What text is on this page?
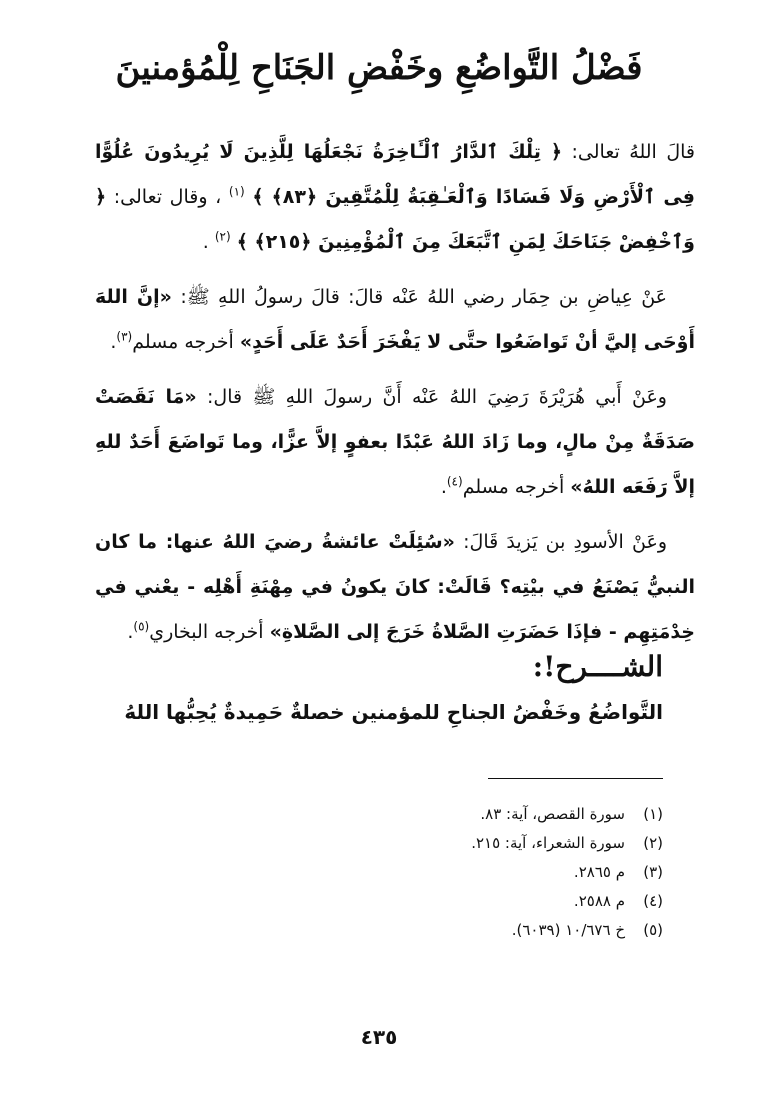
فَضْلُ التَّواضُعِ وخَفْضِ الجَنَاحِ لِلْمُؤمنينَ

قالَ اللهُ تعالى: ﴿ تِلْكَ ٱلدَّارُ ٱلْـَٔاخِرَةُ نَجْعَلُهَا لِلَّذِينَ لَا يُرِيدُونَ عُلُوًّا فِى ٱلْأَرْضِ وَلَا فَسَادًا وَٱلْعَـٰقِبَةُ لِلْمُتَّقِينَ ﴿٨٣﴾ ﴾ $^{(١)}$ ، وقال تعالى: ﴿ وَٱخْفِضْ جَنَاحَكَ لِمَنِ ٱتَّبَعَكَ مِنَ ٱلْمُؤْمِنِينَ ﴿٢١٥﴾ ﴾ $^{(٢)}$ .

عَنْ عِياضِ بن حِمَار رضي اللهُ عَنْه قالَ: قالَ رسولُ اللهِ ﷺ: «إنَّ اللهَ أَوْحَى إليَّ أنْ تَواضَعُوا حتَّى لا يَفْخَرَ أَحَدٌ عَلَى أَحَدٍ» أخرجه مسلم$^{(٣)}$.

وعَنْ أَبي هُرَيْرَةَ رَضِيَ اللهُ عَنْه أَنَّ رسولَ اللهِ ﷺ قال: «مَا نَقَصَتْ صَدَقَةٌ مِنْ مالٍ، وما زَادَ اللهُ عَبْدًا بعفوٍ إلاَّ عزًّا، وما تَواضَعَ أَحَدٌ للهِ إلاَّ رَفَعَه اللهُ» أخرجه مسلم$^{(٤)}$.

وعَنْ الأسودِ بن يَزيدَ قَالَ: «سُئِلَتْ عائشةُ رضيَ اللهُ عنها: ما كان النبيُّ يَصْنَعُ في بيْتِه؟ قَالَتْ: كانَ يكونُ في مِهْنَةِ أَهْلِه - يعْني في خِدْمَتِهِم - فإذَا حَضَرَتِ الصَّلاةُ خَرَجَ إلى الصَّلاةِ» أخرجه البخاري$^{(٥)}$.

الشــــرح!:
التَّواضُعُ وخَفْضُ الجناحِ للمؤمنين خصلةٌ حَمِيدةٌ يُحِبُّها اللهُ
(١)سورة القصص، آية: ٨٣.
(٢)سورة الشعراء، آية: ٢١٥.
(٣)م ٢٨٦٥.
(٤)م ٢٥٨٨.
(٥)خ ١٠/٦٧٦ (٦٠٣٩).
٤٣٥
